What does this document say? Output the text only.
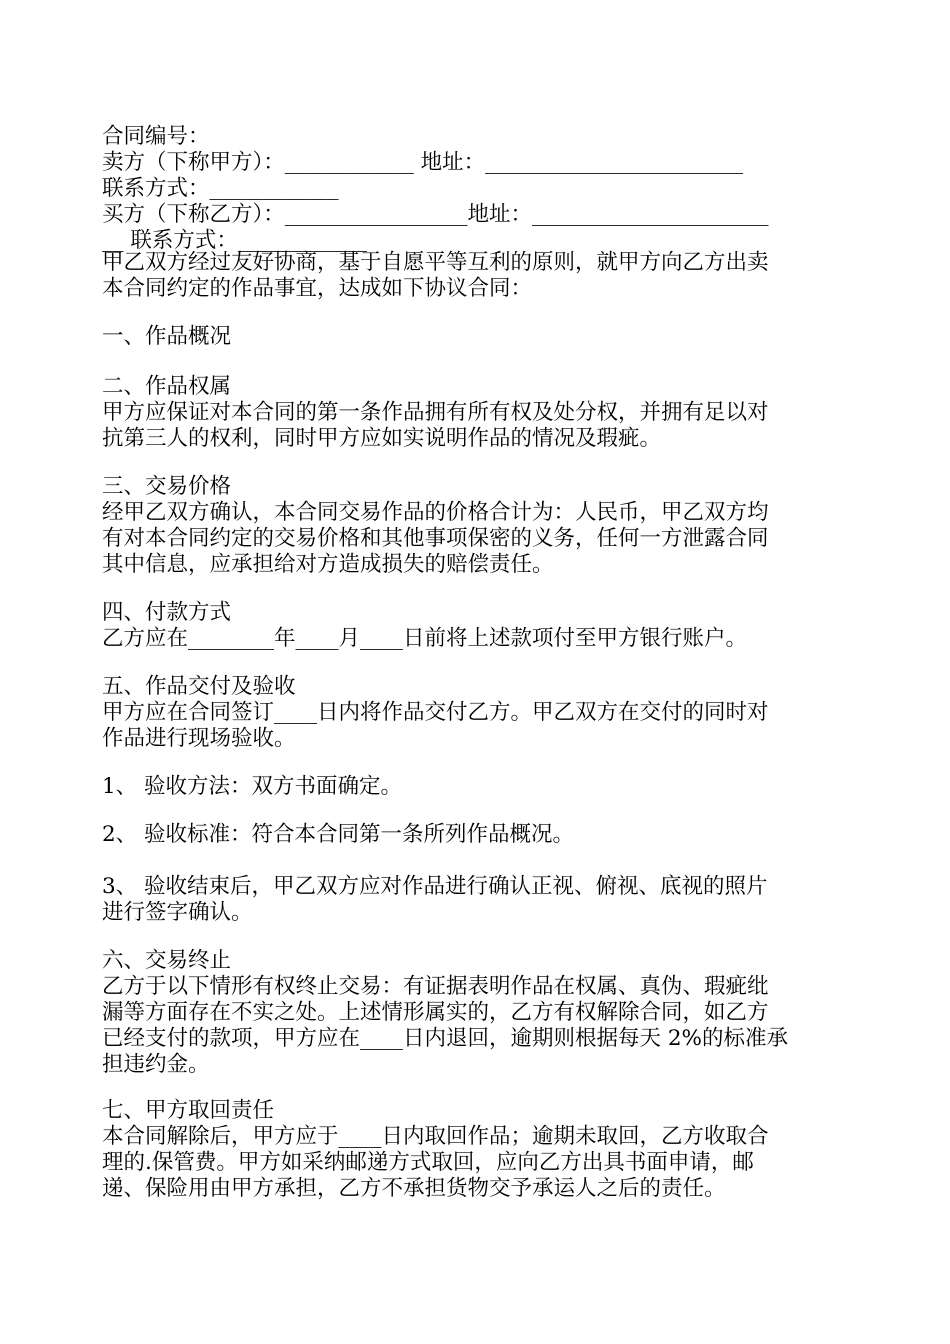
合同编号：
卖方（下称甲方）：____________ 地址：________________________
联系方式：____________
买方（下称乙方）：_________________地址：______________________
__ 联系方式：____________
甲乙双方经过友好协商，基于自愿平等互利的原则，就甲方向乙方出卖
本合同约定的作品事宜，达成如下协议合同：
一、作品概况
二、作品权属
甲方应保证对本合同的第一条作品拥有所有权及处分权，并拥有足以对
抗第三人的权利，同时甲方应如实说明作品的情况及瑕疵。
三、交易价格
经甲乙双方确认，本合同交易作品的价格合计为：人民币，甲乙双方均
有对本合同约定的交易价格和其他事项保密的义务，任何一方泄露合同
其中信息，应承担给对方造成损失的赔偿责任。
四、付款方式
乙方应在________年____月____日前将上述款项付至甲方银行账户。
五、作品交付及验收
甲方应在合同签订____日内将作品交付乙方。甲乙双方在交付的同时对
作品进行现场验收。
1、 验收方法：双方书面确定。
2、 验收标准：符合本合同第一条所列作品概况。
3、 验收结束后，甲乙双方应对作品进行确认正视、俯视、底视的照片
进行签字确认。
六、交易终止
乙方于以下情形有权终止交易：有证据表明作品在权属、真伪、瑕疵纰
漏等方面存在不实之处。上述情形属实的，乙方有权解除合同，如乙方
已经支付的款项，甲方应在____日内退回，逾期则根据每天 2%的标准承
担违约金。
七、甲方取回责任
本合同解除后，甲方应于____日内取回作品；逾期未取回，乙方收取合
理的.保管费。甲方如采纳邮递方式取回，应向乙方出具书面申请，邮
递、保险用由甲方承担，乙方不承担货物交予承运人之后的责任。
